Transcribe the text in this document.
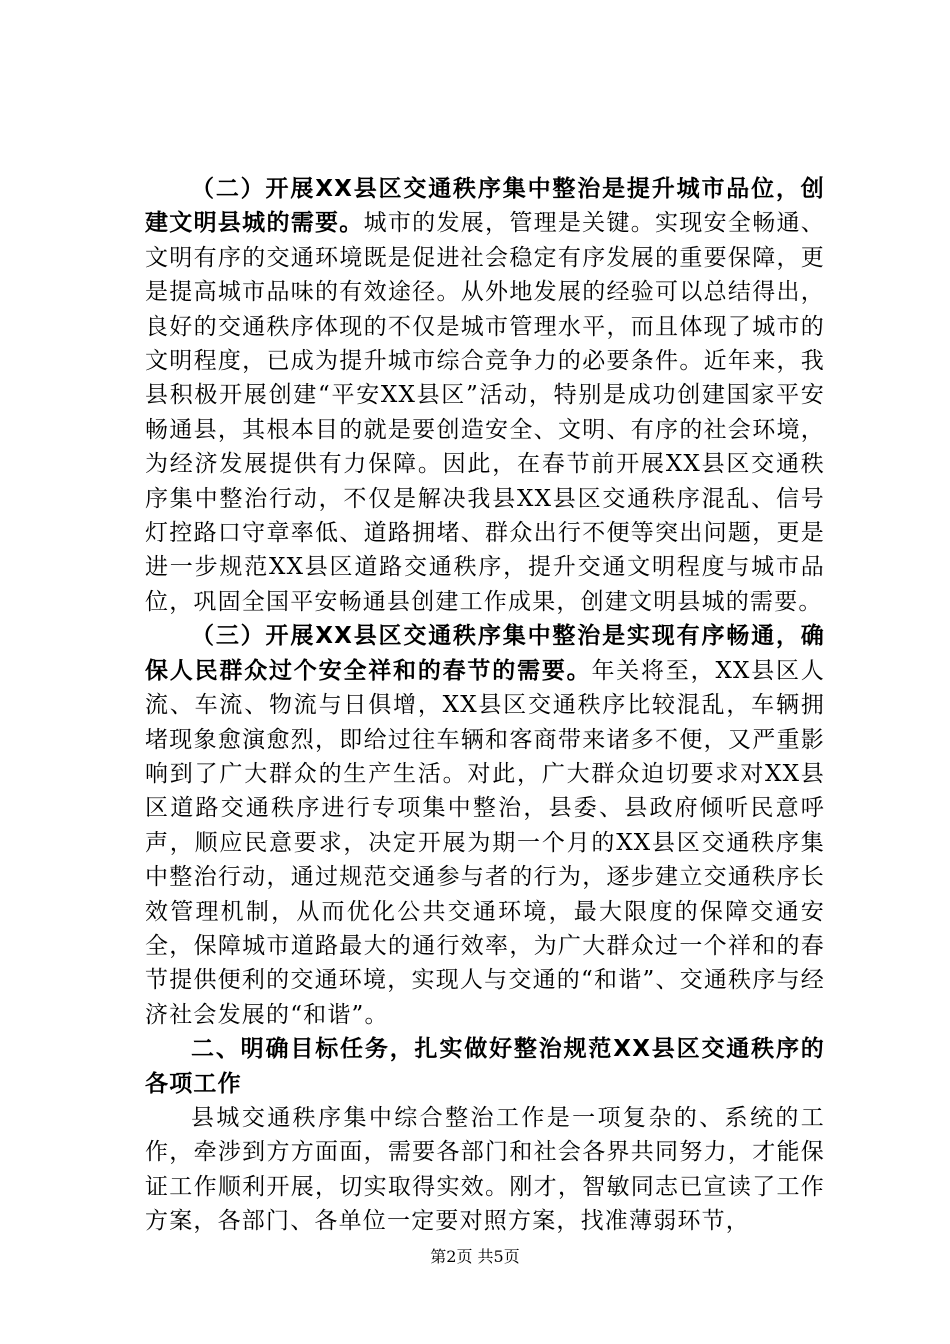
（二）开展XX县区交通秩序集中整治是提升城市品位，创建文明县城的需要。城市的发展，管理是关键。实现安全畅通、文明有序的交通环境既是促进社会稳定有序发展的重要保障，更是提高城市品味的有效途径。从外地发展的经验可以总结得出，良好的交通秩序体现的不仅是城市管理水平，而且体现了城市的文明程度，已成为提升城市综合竞争力的必要条件。近年来，我县积极开展创建“平安XX县区”活动，特别是成功创建国家平安畅通县，其根本目的就是要创造安全、文明、有序的社会环境，为经济发展提供有力保障。因此，在春节前开展XX县区交通秩序集中整治行动，不仅是解决我县XX县区交通秩序混乱、信号灯控路口守章率低、道路拥堵、群众出行不便等突出问题，更是进一步规范XX县区道路交通秩序，提升交通文明程度与城市品位，巩固全国平安畅通县创建工作成果，创建文明县城的需要。

（三）开展XX县区交通秩序集中整治是实现有序畅通，确保人民群众过个安全祥和的春节的需要。年关将至，XX县区人流、车流、物流与日俱增，XX县区交通秩序比较混乱，车辆拥堵现象愈演愈烈，即给过往车辆和客商带来诸多不便，又严重影响到了广大群众的生产生活。对此，广大群众迫切要求对XX县区道路交通秩序进行专项集中整治，县委、县政府倾听民意呼声，顺应民意要求，决定开展为期一个月的XX县区交通秩序集中整治行动，通过规范交通参与者的行为，逐步建立交通秩序长效管理机制，从而优化公共交通环境，最大限度的保障交通安全，保障城市道路最大的通行效率，为广大群众过一个祥和的春节提供便利的交通环境，实现人与交通的“和谐”、交通秩序与经济社会发展的“和谐”。

二、明确目标任务，扎实做好整治规范XX县区交通秩序的各项工作

县城交通秩序集中综合整治工作是一项复杂的、系统的工作，牵涉到方方面面，需要各部门和社会各界共同努力，才能保证工作顺利开展，切实取得实效。刚才，智敏同志已宣读了工作方案，各部门、各单位一定要对照方案，找准薄弱环节，

第2页 共5页
